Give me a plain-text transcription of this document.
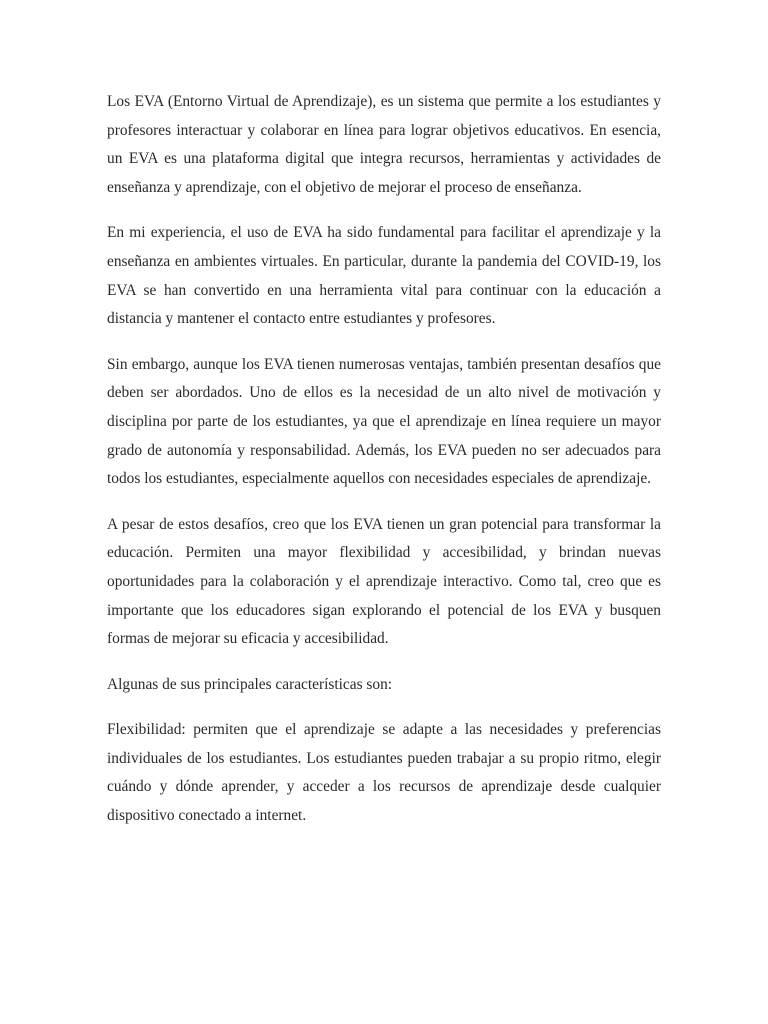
Los EVA (Entorno Virtual de Aprendizaje), es un sistema que permite a los estudiantes y profesores interactuar y colaborar en línea para lograr objetivos educativos. En esencia, un EVA es una plataforma digital que integra recursos, herramientas y actividades de enseñanza y aprendizaje, con el objetivo de mejorar el proceso de enseñanza.

En mi experiencia, el uso de EVA ha sido fundamental para facilitar el aprendizaje y la enseñanza en ambientes virtuales. En particular, durante la pandemia del COVID-19, los EVA se han convertido en una herramienta vital para continuar con la educación a distancia y mantener el contacto entre estudiantes y profesores.

Sin embargo, aunque los EVA tienen numerosas ventajas, también presentan desafíos que deben ser abordados. Uno de ellos es la necesidad de un alto nivel de motivación y disciplina por parte de los estudiantes, ya que el aprendizaje en línea requiere un mayor grado de autonomía y responsabilidad. Además, los EVA pueden no ser adecuados para todos los estudiantes, especialmente aquellos con necesidades especiales de aprendizaje.

A pesar de estos desafíos, creo que los EVA tienen un gran potencial para transformar la educación. Permiten una mayor flexibilidad y accesibilidad, y brindan nuevas oportunidades para la colaboración y el aprendizaje interactivo. Como tal, creo que es importante que los educadores sigan explorando el potencial de los EVA y busquen formas de mejorar su eficacia y accesibilidad.

Algunas de sus principales características son:

Flexibilidad: permiten que el aprendizaje se adapte a las necesidades y preferencias individuales de los estudiantes. Los estudiantes pueden trabajar a su propio ritmo, elegir cuándo y dónde aprender, y acceder a los recursos de aprendizaje desde cualquier dispositivo conectado a internet.
